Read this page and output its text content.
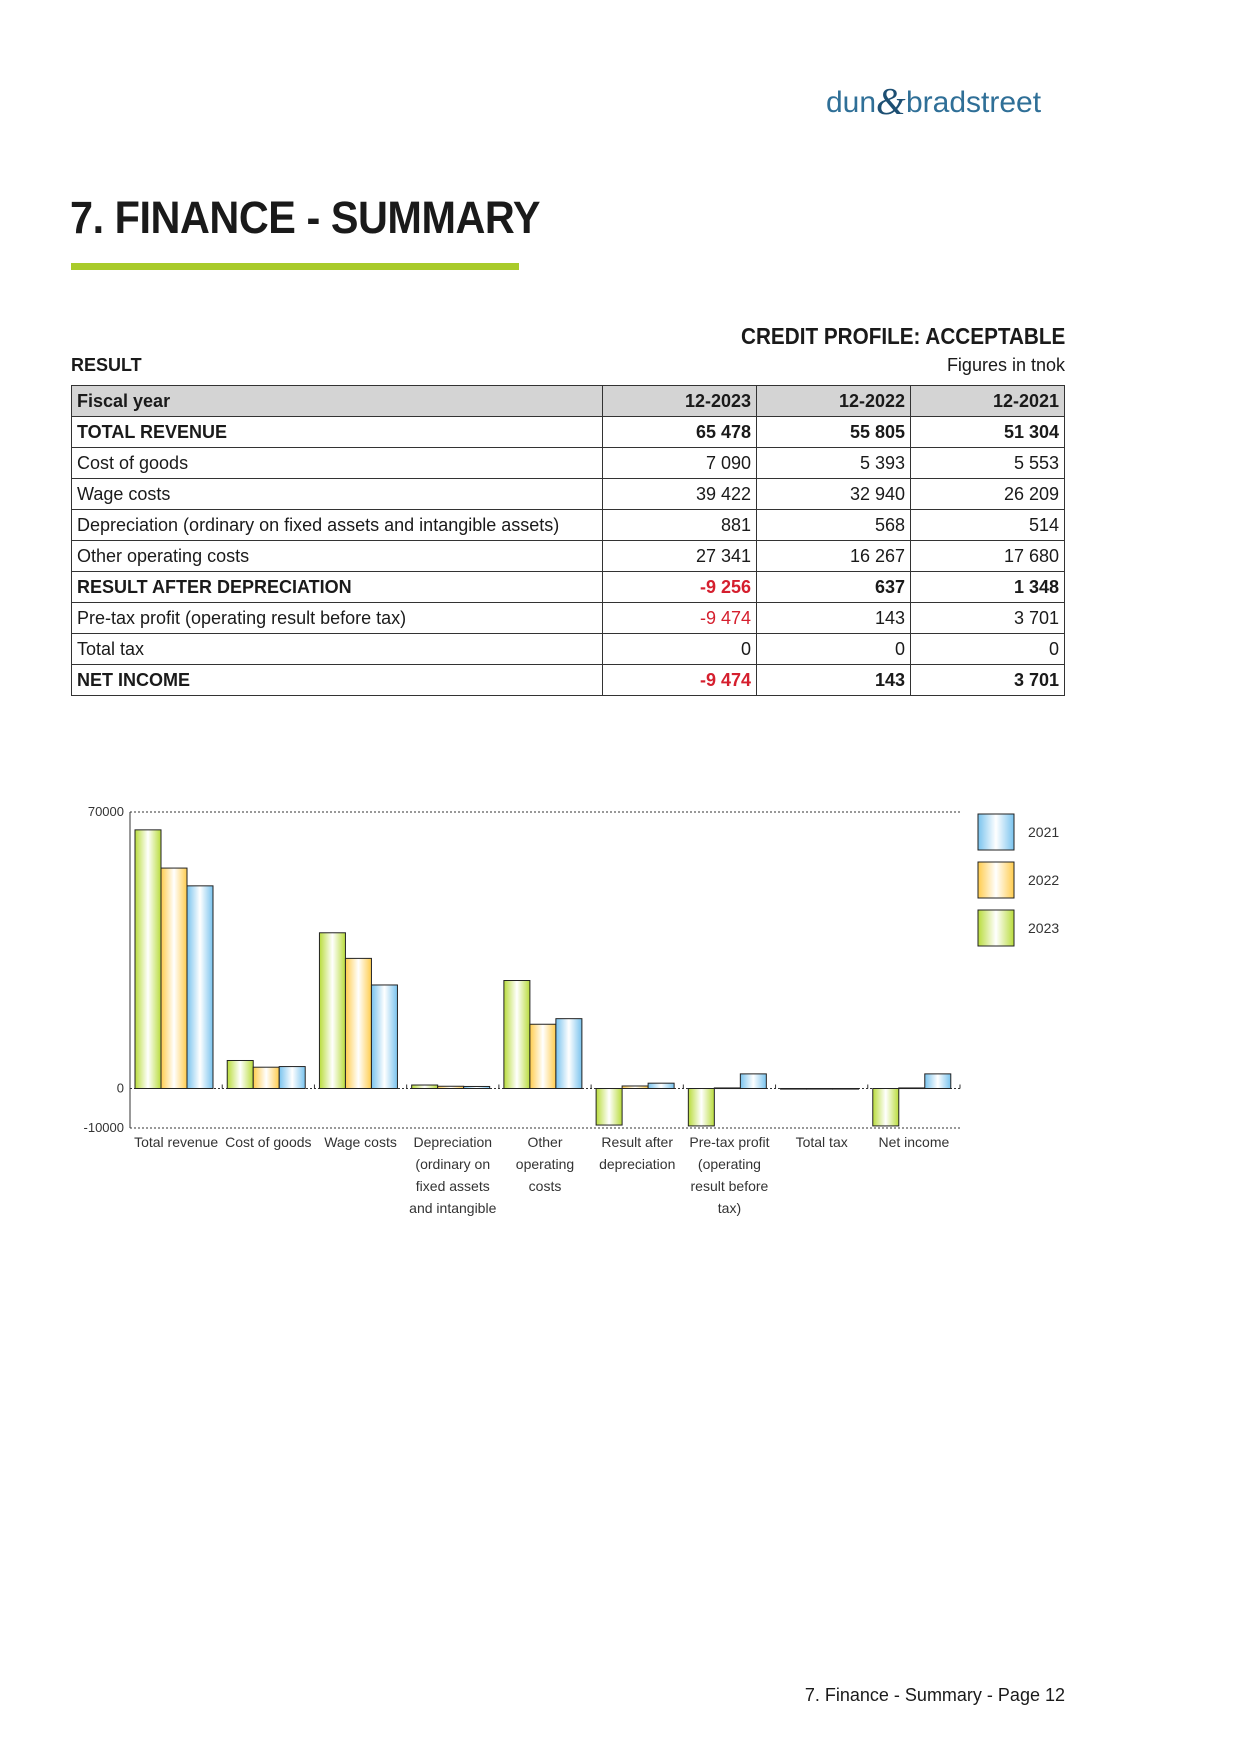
dun & bradstreet
7. FINANCE - SUMMARY
CREDIT PROFILE: ACCEPTABLE
RESULT	Figures in tnok
Fiscal year	12-2023	12-2022	12-2021
TOTAL REVENUE	65 478	55 805	51 304
Cost of goods	7 090	5 393	5 553
Wage costs	39 422	32 940	26 209
Depreciation (ordinary on fixed assets and intangible assets)	881	568	514
Other operating costs	27 341	16 267	17 680
RESULT AFTER DEPRECIATION	-9 256	637	1 348
Pre-tax profit (operating result before tax)	-9 474	143	3 701
Total tax	0	0	0
NET INCOME	-9 474	143	3 701
70000
0
-10000
Total revenue Cost of goods Wage costs Depreciation
(ordinary on
fixed assets
and intangible
Other
operating
costs
Result after
depreciation
Pre-tax profit
(operating
result before
tax)
Total tax Net income
2021
2022
2023
7. Finance - Summary - Page 12
